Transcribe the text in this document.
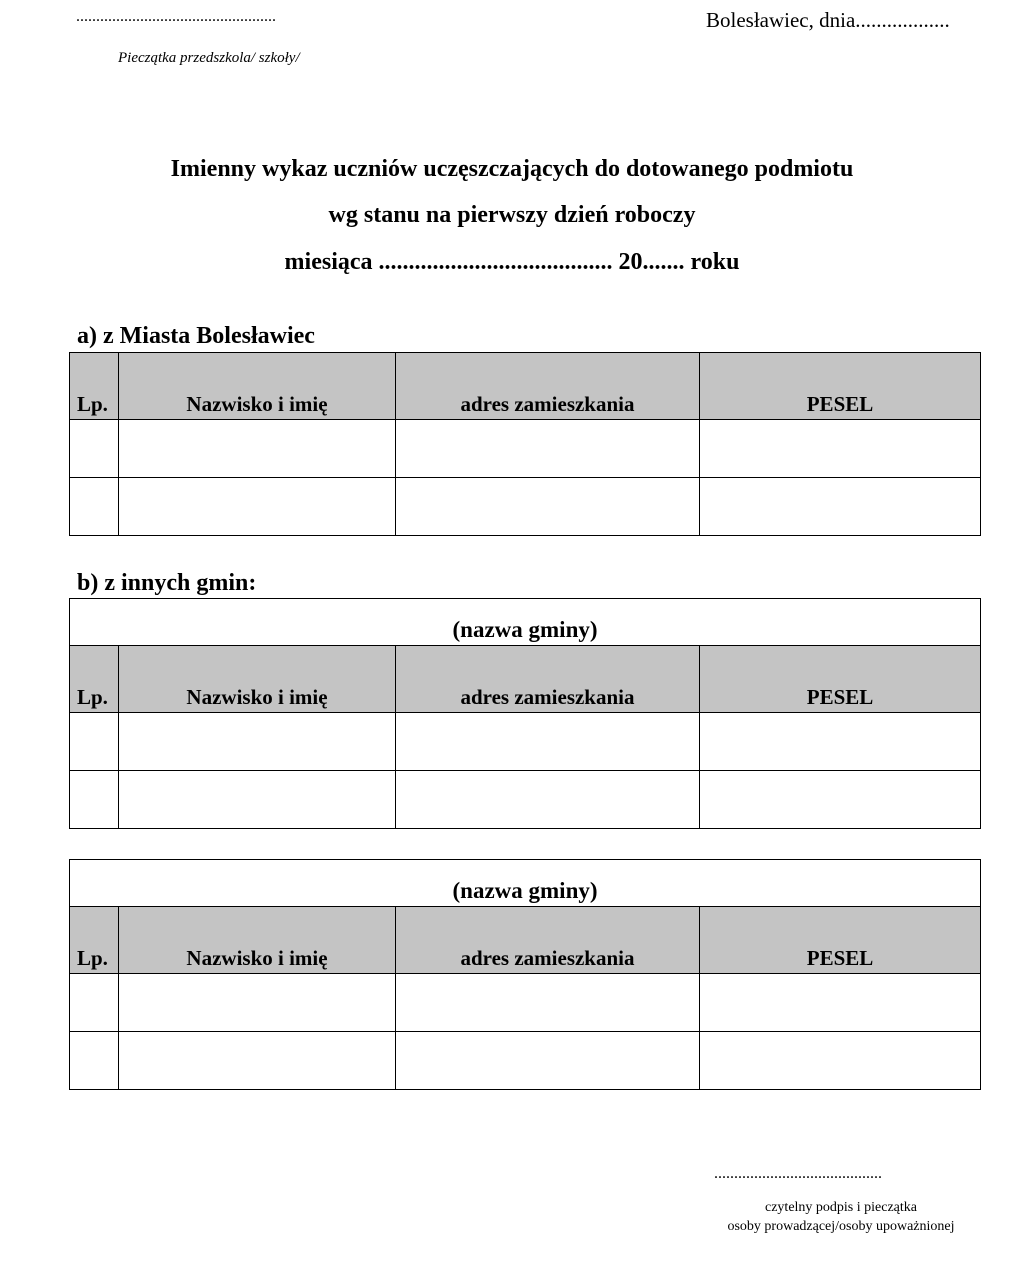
..................................................
Pieczątka przedszkola/ szkoły/
Bolesławiec, dnia..................
Imienny wykaz uczniów uczęszczających do dotowanego podmiotu
wg stanu na pierwszy dzień roboczy
miesiąca ....................................... 20....... roku
a) z Miasta Bolesławiec
Lp.	Nazwisko i imię	adres zamieszkania	PESEL

b) z innych gmin:
(nazwa gminy)			
Lp.	Nazwisko i imię	adres zamieszkania	PESEL

(nazwa gminy)			
Lp.	Nazwisko i imię	adres zamieszkania	PESEL

..........................................
czytelny podpis i pieczątka
osoby prowadzącej/osoby upoważnionej
